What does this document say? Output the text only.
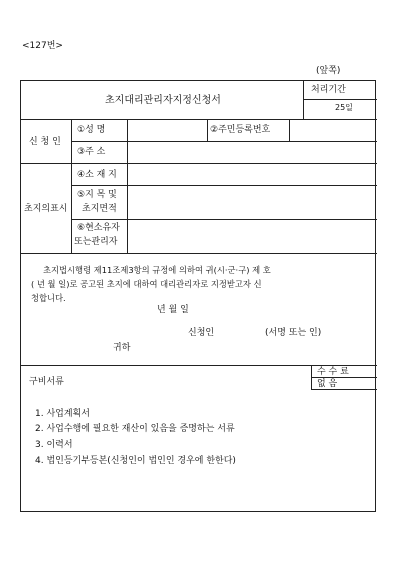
<127번>
(앞쪽)
초지대리관리자지정신청서
처리기간
25일
신 청 인
①성 명	②주민등록번호
③주 소
초지의표시
④소 재 지
⑤지 목 및
초지면적
⑥현소유자
또는관리자
초지법시행령 제11조제3항의 규정에 의하여 귀(시·군·구) 제 호
( 년 월 일)로 공고된 초지에 대하여 대리관리자로 지정받고자 신
청합니다.
년 월 일
신청인	(서명 또는 인)
귀하
수 수 료
없 음
구비서류
1. 사업계획서
2. 사업수행에 필요한 재산이 있음을 증명하는 서류
3. 이력서
4. 법인등기부등본(신청인이 법인인 경우에 한한다)
